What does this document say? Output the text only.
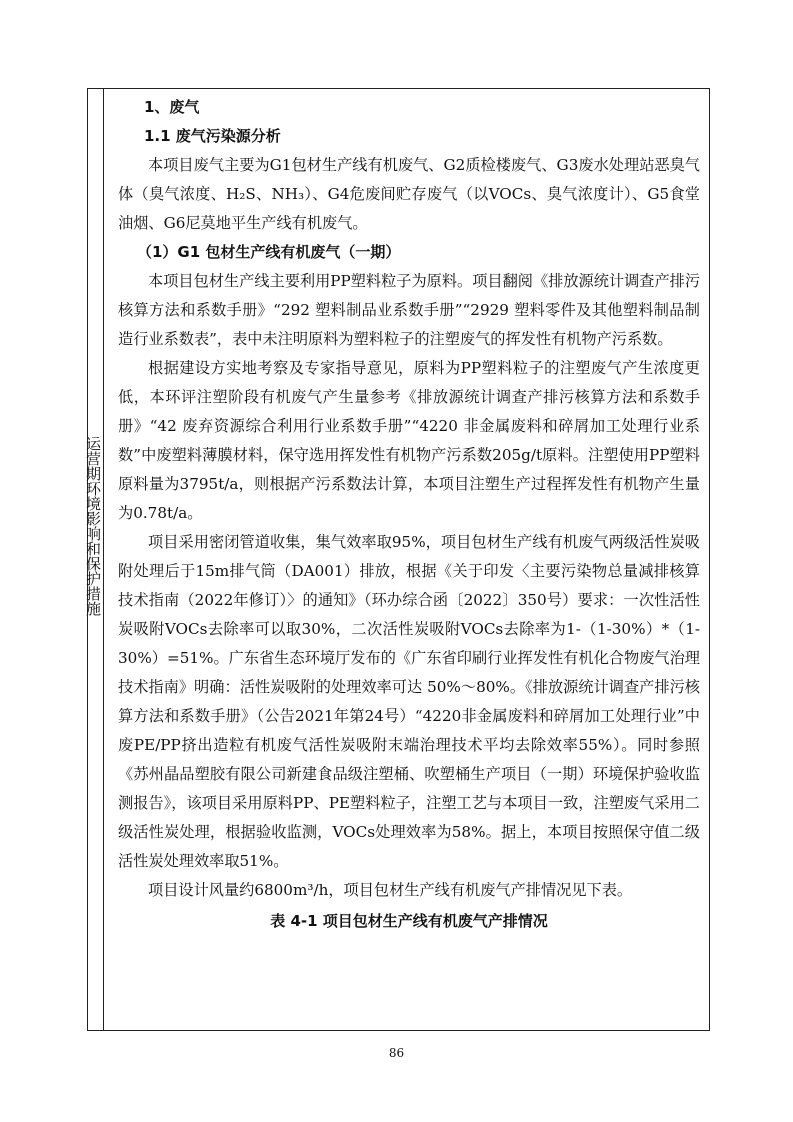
运营期环境影响和保护措施

1、废气

1.1 废气污染源分析

本项目废气主要为G1包材生产线有机废气、G2质检楼废气、G3废水处理站恶臭气体（臭气浓度、H₂S、NH₃）、G4危废间贮存废气（以VOCs、臭气浓度计）、G5食堂油烟、G6尼莫地平生产线有机废气。

（1）G1 包材生产线有机废气（一期）

本项目包材生产线主要利用PP塑料粒子为原料。项目翻阅《排放源统计调查产排污核算方法和系数手册》“292 塑料制品业系数手册”“2929 塑料零件及其他塑料制品制造行业系数表”，表中未注明原料为塑料粒子的注塑废气的挥发性有机物产污系数。

根据建设方实地考察及专家指导意见，原料为PP塑料粒子的注塑废气产生浓度更低，本环评注塑阶段有机废气产生量参考《排放源统计调查产排污核算方法和系数手册》“42 废弃资源综合利用行业系数手册”“4220 非金属废料和碎屑加工处理行业系数”中废塑料薄膜材料，保守选用挥发性有机物产污系数205g/t原料。注塑使用PP塑料原料量为3795t/a，则根据产污系数法计算，本项目注塑生产过程挥发性有机物产生量为0.78t/a。

项目采用密闭管道收集，集气效率取95%，项目包材生产线有机废气两级活性炭吸附处理后于15m排气筒（DA001）排放，根据《关于印发〈主要污染物总量减排核算技术指南（2022年修订）〉的通知》（环办综合函〔2022〕350号）要求：一次性活性炭吸附VOCs去除率可以取30%，二次活性炭吸附VOCs去除率为1-（1-30%）*（1-30%）=51%。广东省生态环境厅发布的《广东省印刷行业挥发性有机化合物废气治理技术指南》明确：活性炭吸附的处理效率可达 50%～80%。《排放源统计调查产排污核算方法和系数手册》（公告2021年第24号）“4220非金属废料和碎屑加工处理行业”中废PE/PP挤出造粒有机废气活性炭吸附末端治理技术平均去除效率55%）。同时参照《苏州晶品塑胶有限公司新建食品级注塑桶、吹塑桶生产项目（一期）环境保护验收监测报告》，该项目采用原料PP、PE塑料粒子，注塑工艺与本项目一致，注塑废气采用二级活性炭处理，根据验收监测，VOCs处理效率为58%。据上，本项目按照保守值二级活性炭处理效率取51%。

项目设计风量约6800m³/h，项目包材生产线有机废气产排情况见下表。

表 4-1 项目包材生产线有机废气产排情况

86
